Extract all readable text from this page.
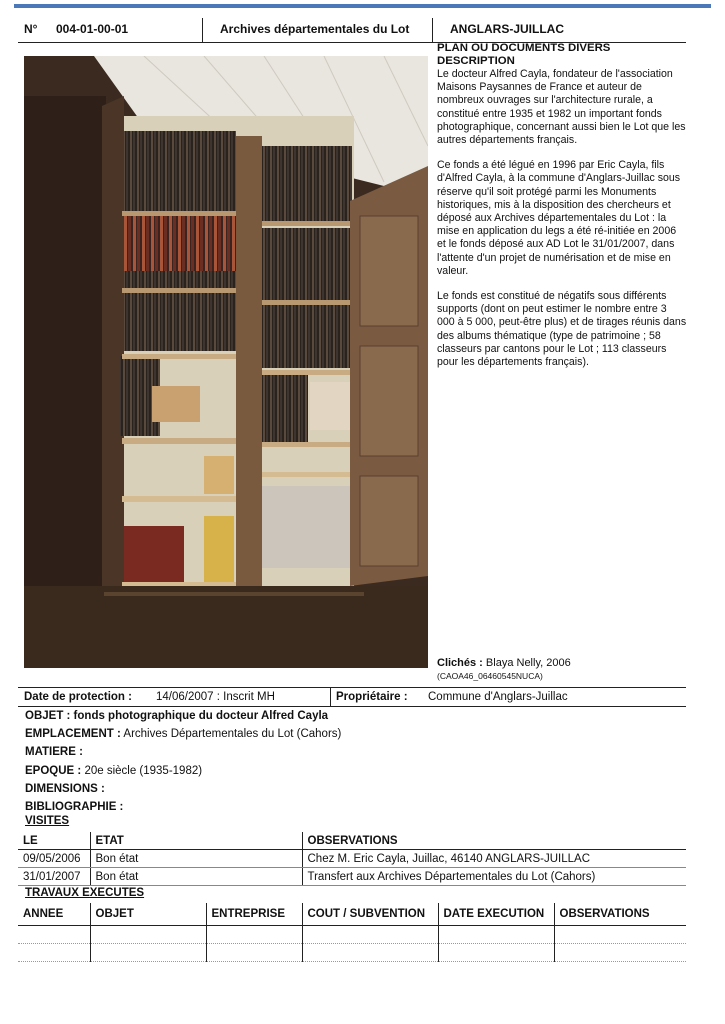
N° 004-01-00-01	Archives départementales du Lot	ANGLARS-JUILLAC
PLAN OU DOCUMENTS DIVERS
DESCRIPTION

Le docteur Alfred Cayla, fondateur de l'association Maisons Paysannes de France et auteur de nombreux ouvrages sur l'architecture rurale, a constitué entre 1935 et 1982 un important fonds photographique, concernant aussi bien le Lot que les autres départements français.

Ce fonds a été légué en 1996 par Eric Cayla, fils d'Alfred Cayla, à la commune d'Anglars-Juillac sous réserve qu'il soit protégé parmi les Monuments historiques, mis à la disposition des chercheurs et déposé aux Archives départementales du Lot : la mise en application du legs a été ré-initiée en 2006 et le fonds déposé aux AD Lot le 31/01/2007, dans l'attente d'un projet de numérisation et de mise en valeur.

Le fonds est constitué de négatifs sous différents supports (dont on peut estimer le nombre entre 3 000 à 5 000, peut-être plus) et de tirages réunis dans des albums thématique (type de patrimoine ; 58 classeurs par cantons pour le Lot ; 113 classeurs pour les départements français).

Clichés : Blaya Nelly, 2006
(CAOA46_06460545NUCA)
Date de protection : 14/06/2007 : Inscrit MH	Propriétaire : Commune d'Anglars-Juillac
OBJET : fonds photographique du docteur Alfred Cayla
EMPLACEMENT : Archives Départementales du Lot (Cahors)
MATIERE :
EPOQUE : 20e siècle (1935-1982)
DIMENSIONS :
BIBLIOGRAPHIE :
VISITES
LE	ETAT	OBSERVATIONS
09/05/2006	Bon état	Chez M. Eric Cayla, Juillac, 46140 ANGLARS-JUILLAC
31/01/2007	Bon état	Transfert aux Archives Départementales du Lot (Cahors)
TRAVAUX EXECUTES
ANNEE	OBJET	ENTREPRISE	COUT / SUBVENTION	DATE EXECUTION	OBSERVATIONS
